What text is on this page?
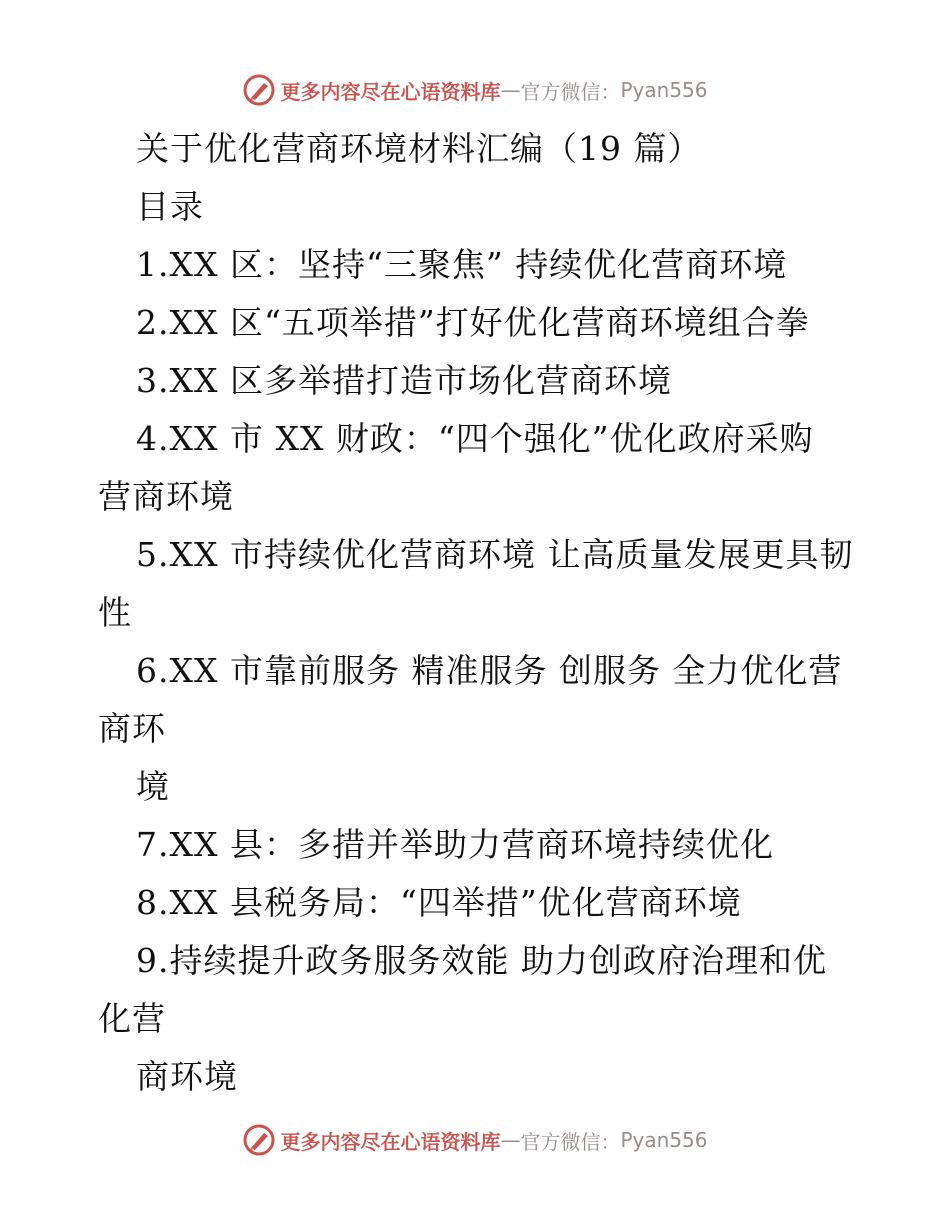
更多内容尽在心语资料库 — 官方微信： Pyan556
关于优化营商环境材料汇编（19 篇）
目录
1.XX 区：坚持“三聚焦” 持续优化营商环境
2.XX 区“五项举措”打好优化营商环境组合拳
3.XX 区多举措打造市场化营商环境
4.XX 市 XX 财政：“四个强化”优化政府采购
营商环境
5.XX 市持续优化营商环境 让高质量发展更具韧
性
6.XX 市靠前服务 精准服务 创服务 全力优化营
商环
境
7.XX 县：多措并举助力营商环境持续优化
8.XX 县税务局：“四举措”优化营商环境
9.持续提升政务服务效能 助力创政府治理和优
化营
商环境
更多内容尽在心语资料库 — 官方微信： Pyan556
